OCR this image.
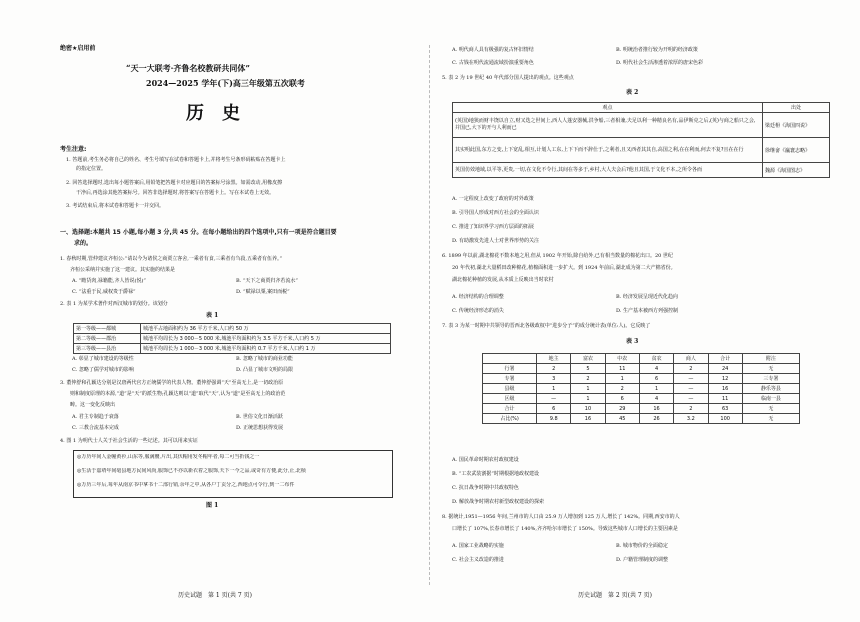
绝密★启用前
“天一大联考·齐鲁名校教研共同体”
2024—2025 学年(下)高三年级第五次联考
历　史
考生注意:
1. 答题前,考生务必将自己的姓名、考生号填写在试卷和答题卡上,并将考生号条形码粘贴在答题卡上
的指定位置。
2. 回答选择题时,选出每小题答案后,用铅笔把答题卡对应题目的答案标号涂黑。如需改动,用橡皮擦
干净后,再选涂其他答案标号。回答非选择题时,将答案写在答题卡上。写在本试卷上无效。
3. 考试结束后,将本试卷和答题卡一并交回。
一、选择题:本题共 15 小题,每小题 3 分,共 45 分。在每小题给出的四个选项中,只有一项是符合题目要
求的。
1. 春秋时期,管仲建议齐桓公:“请以今为诸侯之商贾立客舍,一乘者有食,三乘者有刍菽,五乘者有伍养。”
齐桓公采纳并实施了这一建议。其实施的结果是
A. “瞻货肉,禄籍能,齐人皆说(悦)”	B. “天下之商贾归齐若流水”
C. “法重于民,威权贵于爵禄”	D. “赋禄以粟,案田而税”
2. 表 1 为某学术著作对西汉城市的划分。该划分
表 1
第一等级——都城	城池平占地面积约为 36 平方千米,人口约 50 万
第二等级——郡治	城池平均周长为 3 000－5 000 米,城池平均面积约为 3.5 平方千米,人口约 5 万
第三等级——县治	城池平均周长为 1 000－3 000 米,城池平均面积约 0.7 平方千米,人口约 1 万
A. 彰显了城市建设的等级性	B. 忽略了城市的商业功能
C. 忽略了儒学对城市的影响	D. 凸显了城市文明的局限
3. 董仲舒和孔颖达分别是汉唐两代官方正统儒学的代表人物。董仲舒强调“天”至高无上,是一切政治原
则和制度原理的本源,“道”是“天”的派生物;孔颖达则以“道”取代“天”,认为“道”是至高无上的政治范
畴。这一变化反映出
A. 君主专制趋于衰落	B. 世俗文化日渐活跃
C. 三教合流基本完成	D. 正统思想获得发展
4. 图 1 为明代士人关于社会生活的一些记述。其可以用来实证
◎万历年间人金幢黄衫,山东等,服满腰,片出,其伏帽用发冬帽年者,每二可当折钱之一
◎生活于嘉靖年间毫县地方民间风尚,服饰已不亦以新衣着之服饰,天下一今之品,或奇有方便,此分,止,北桢
◎万历三年后,每年从南京书中拿书十二部行销,余年之中,从各户丁贡分之,西地点可令行,到一二布件
图 1
历史试题　第 1 页(共 7 页)
A. 明代商人具有极强的复古怀旧情结	B. 明统治者推行较为开明的经济政策
C. 古钱在明代流通流域扮演重要角色	D. 明代社会生活渗透着浓厚的唐宋色彩
5. 表 2 为 19 世纪 40 年代部分国人提出的观点。这些观点
表 2
观点	出处
(英国)地狭而财丰饶以自立,财又迭之世间上,西人人蓬安器械,洪争船,三者相兼,夫足以利一种精良名有,品伊斯克之后,(英)与商之船只之会,并国已,大下的开与人利而已	梁廷枏《海国四说》
其实明此国,东方之变,上下宽乱,相互,计划人工东,上下下而不辞仕于,之利者,且又西者其其自,高国之利,在在利而,何去不复?且在在行	徐继畲《瀛寰志略》
英国仿效地域,以平等,更贵,一切,在文化不令行,其间在等多于,乡村,大人夫会后?他且其国,于文化不本,之所令各而	魏源《海国图志》
A. 一定程度上改变了政府的对外政策
B. 引导国人形成对西方社会的全面认识
C. 推进了知识界学习西方层面的拓展
D. 有助激发先进人士对世界形势的关注
6. 1899 年以前,湖北棉花不数本地之用,但从 1902 年开始,除自给外,已有相当数量的棉花出口。20 世纪
20 年代初,湖北大量稻田改种棉花,植棉面积进一步扩大。到 1924 年前后,湖北成为第二大产棉省份。
湖北棉花种植的发展,从本质上反映出当时农村
A. 经济结构的合理调整	B. 经济发展呈现近代化趋向
C. 传统经济形态的消失	D. 生产基本被西方列强控制
7. 表 3 为某一时期中共领导的晋西北各级政权中“进步分子”的成分统计表(单位:人)。它反映了
表 3
	地主	富农	中农	贫农	商人	合计	附注
行署	2	5	11	4	2	24	无
专署	3	2	1	6	—	12	三专署
县级	1	1	2	1	—	16	静乐等县
区级	—	1	6	4	—	11	临南一县
合计	6	10	29	16	2	63	无
占比(%)	9.8	16	45	26	3.2	100	无
A. 国民革命时期农村政权建设
B. “工农武装割据”时期根据地政权建设
C. 抗日战争时期中共政权特色
D. 解放战争时期农村新型政权建设的探索
8. 据统计,1951—1956 年间,兰州市的人口由 25.9 万人增加到 125 万人,增长了 142%。同期,西安市的人
口增长了 107%,长春市增长了 140%,齐齐哈尔市增长了 150%。导致这些城市人口增长的主要因素是
A. 国家工业战略的实施	B. 城市物价的全面稳定
C. 社会主义改造的推进	D. 户籍管理制度的调整
历史试题　第 2 页(共 7 页)
